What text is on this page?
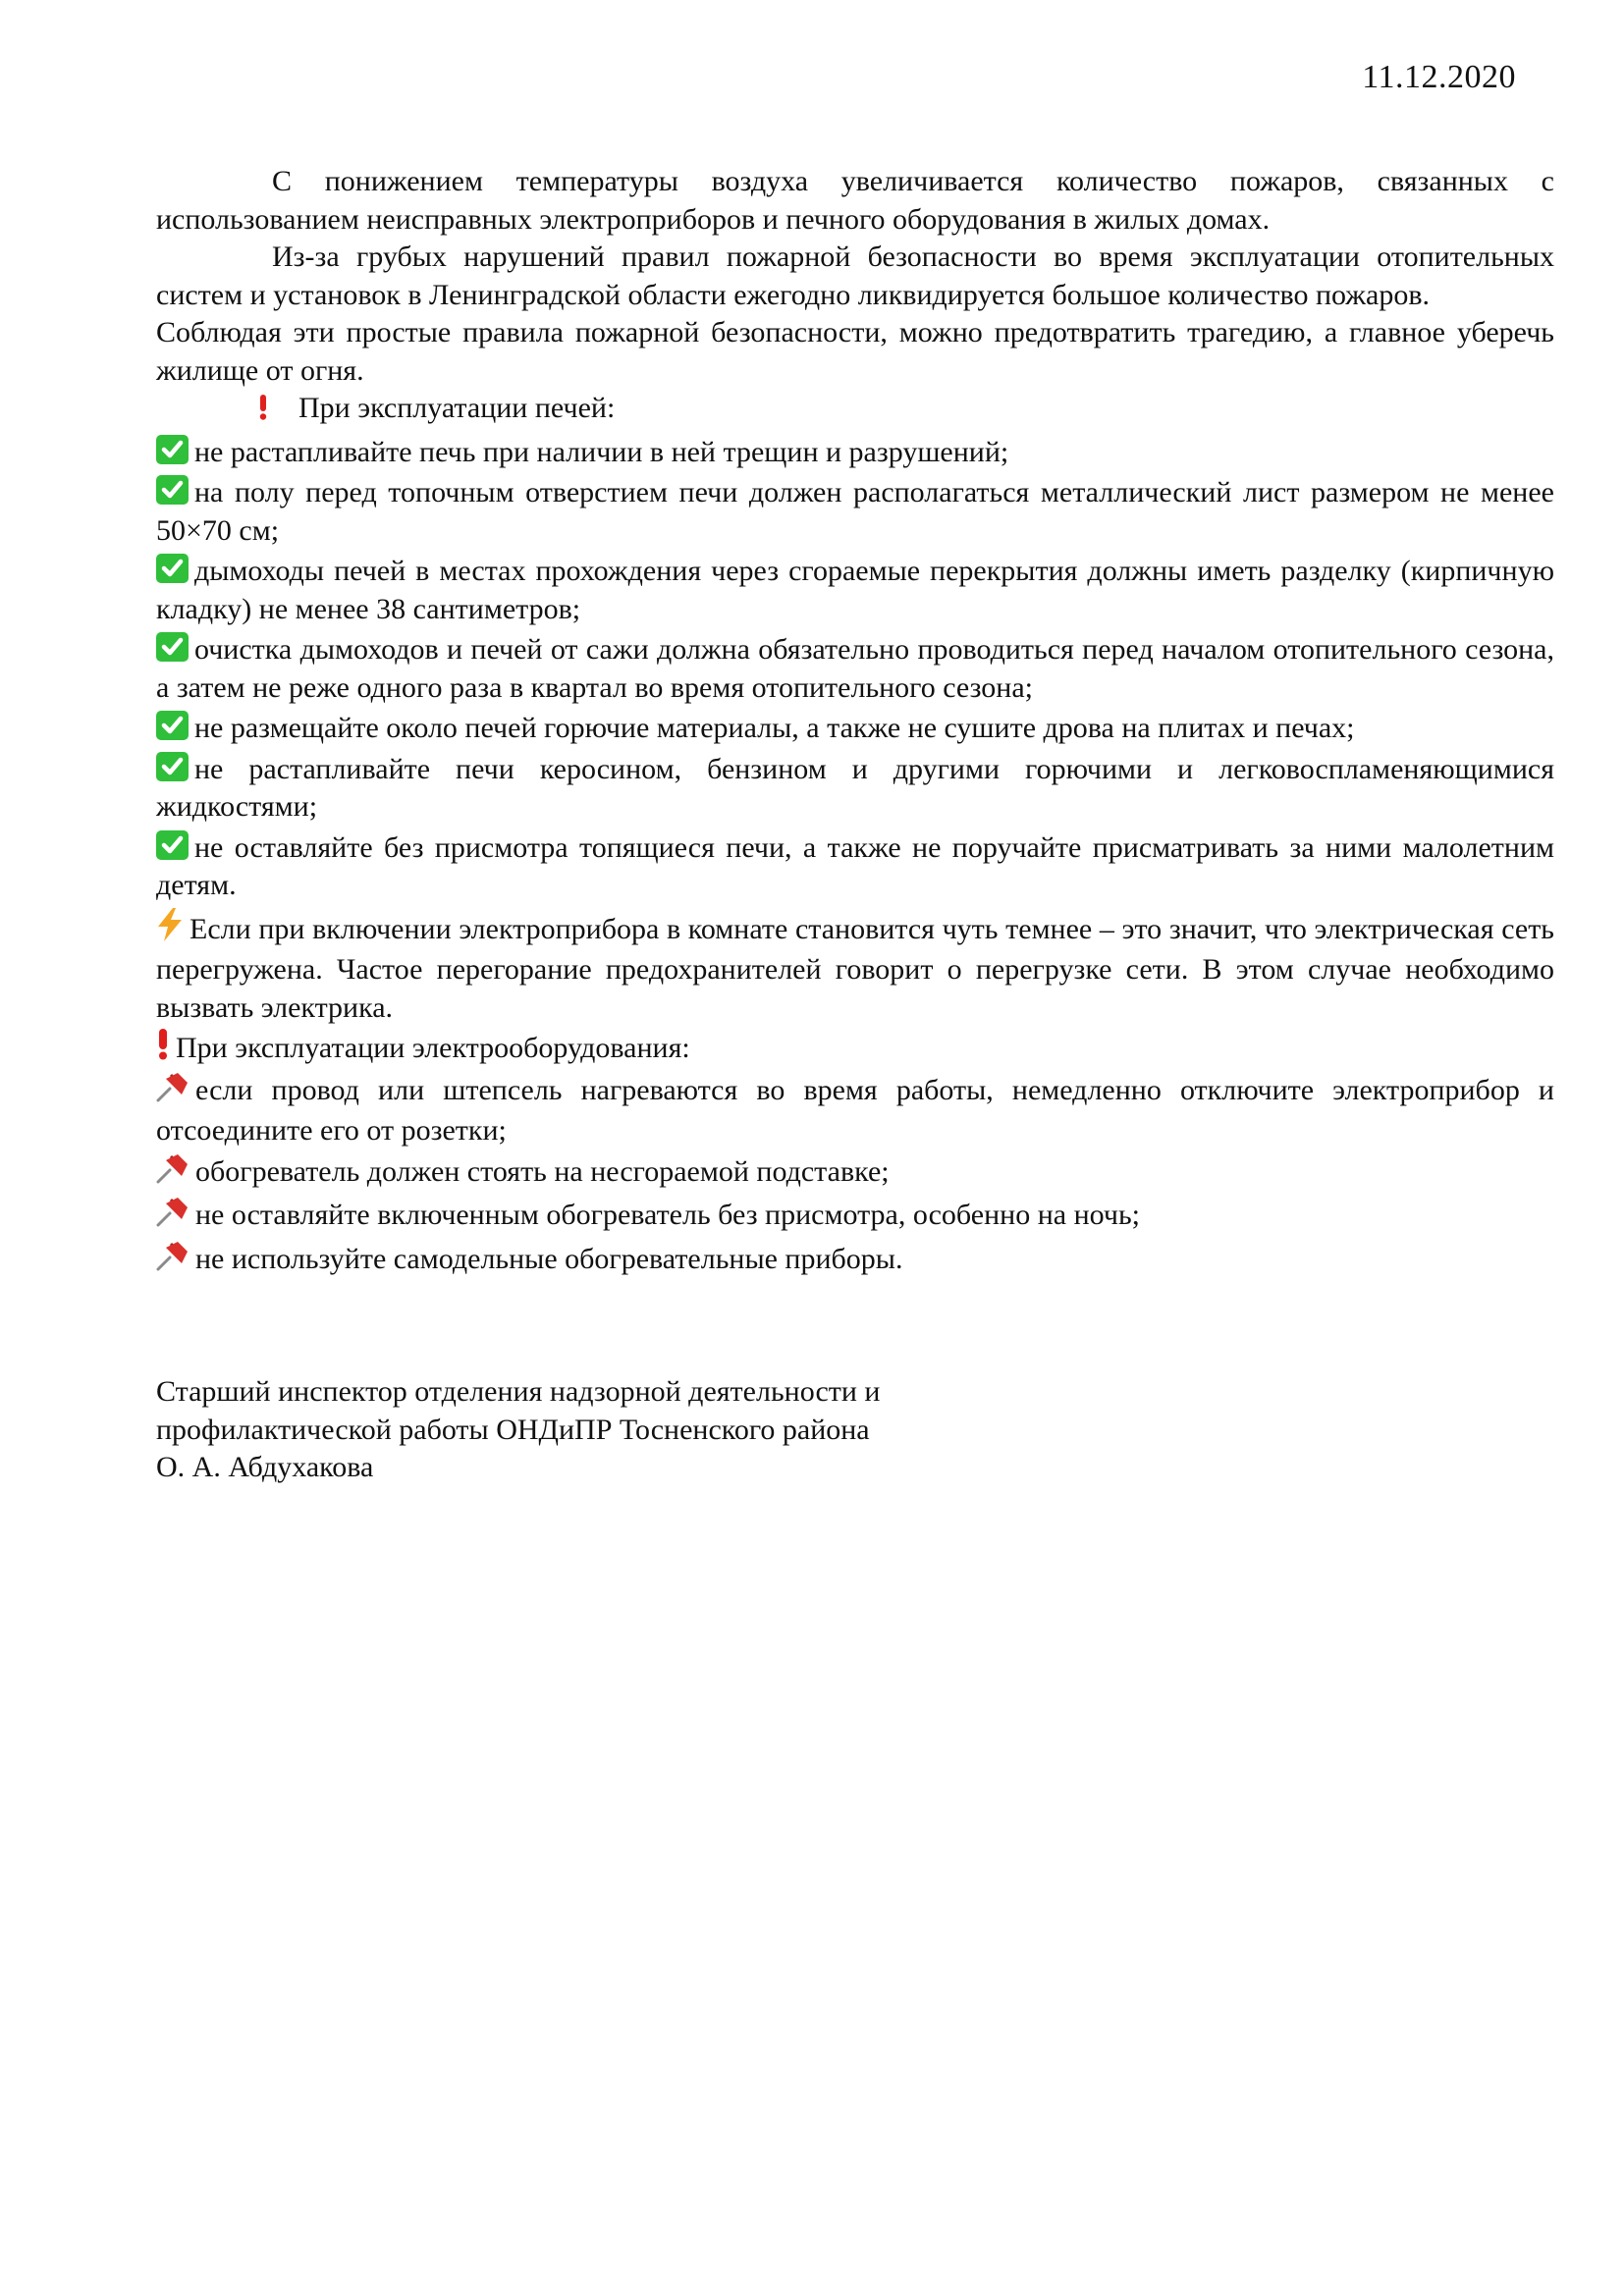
11.12.2020

С понижением температуры воздуха увеличивается количество пожаров, связанных с использованием неисправных электроприборов и печного оборудования в жилых домах.

Из-за грубых нарушений правил пожарной безопасности во время эксплуатации отопительных систем и установок в Ленинградской области ежегодно ликвидируется большое количество пожаров.

Соблюдая эти простые правила пожарной безопасности, можно предотвратить трагедию, а главное уберечь жилище от огня.

При эксплуатации печей:

не растапливайте печь при наличии в ней трещин и разрушений;
на полу перед топочным отверстием печи должен располагаться металлический лист размером не менее 50×70 см;
дымоходы печей в местах прохождения через сгораемые перекрытия должны иметь разделку (кирпичную кладку) не менее 38 сантиметров;
очистка дымоходов и печей от сажи должна обязательно проводиться перед началом отопительного сезона, а затем не реже одного раза в квартал во время отопительного сезона;
не размещайте около печей горючие материалы, а также не сушите дрова на плитах и печах;
не растапливайте печи керосином, бензином и другими горючими и легковоспламеняющимися жидкостями;
не оставляйте без присмотра топящиеся печи, а также не поручайте присматривать за ними малолетним детям.
Если при включении электроприбора в комнате становится чуть темнее – это значит, что электрическая сеть перегружена. Частое перегорание предохранителей говорит о перегрузке сети. В этом случае необходимо вызвать электрика.

При эксплуатации электрооборудования:

если провод или штепсель нагреваются во время работы, немедленно отключите электроприбор и отсоедините его от розетки;
обогреватель должен стоять на несгораемой подставке;
не оставляйте включенным обогреватель без присмотра, особенно на ночь;
не используйте самодельные обогревательные приборы.

Старший инспектор отделения надзорной деятельности и

профилактической работы ОНДиПР Тосненского района

О. А. Абдухакова
